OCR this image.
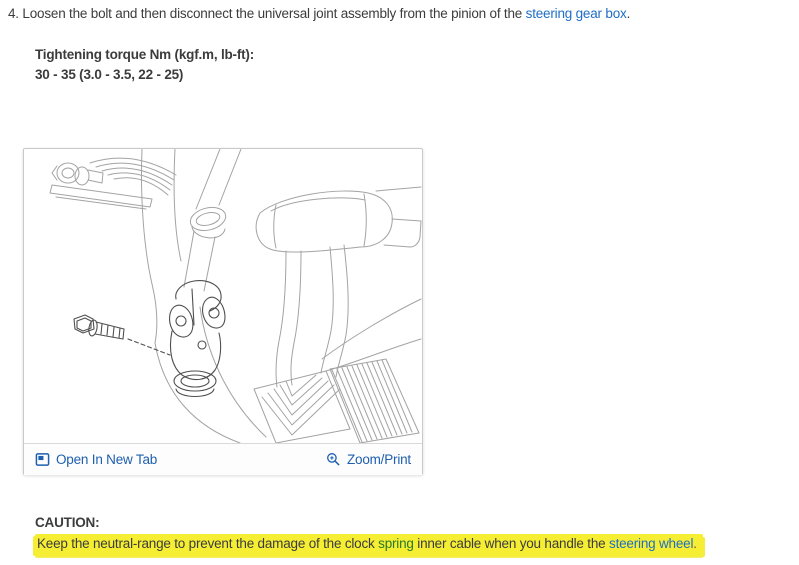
4. Loosen the bolt and then disconnect the universal joint assembly from the pinion of the steering gear box.
Tightening torque Nm (kgf.m, lb-ft):
30 - 35 (3.0 - 3.5, 22 - 25)
Open In New Tab	Zoom/Print
CAUTION:
Keep the neutral-range to prevent the damage of the clock spring inner cable when you handle the steering wheel.
